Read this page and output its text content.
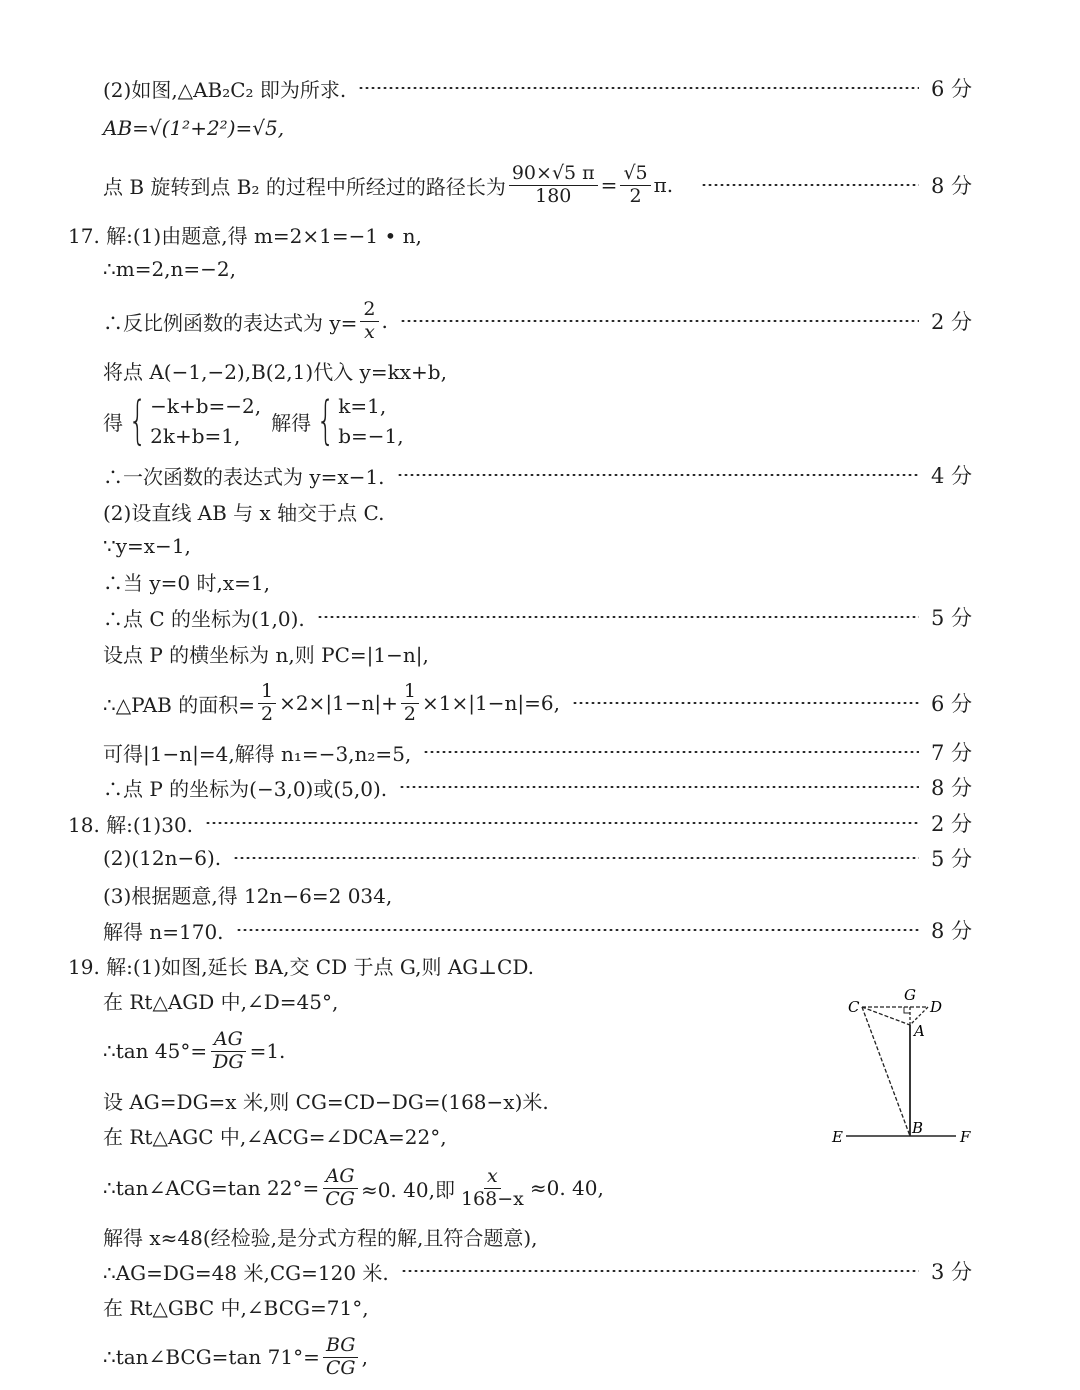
(2)如图,△AB₂C₂ 即为所求.	6 分
AB=√(1²+2²)=√5,
点 B 旋转到点 B₂ 的过程中所经过的路径长为 $\frac{90\times√5 \pi}{180} = \frac{√5}{2} \pi$.	8 分
17. 解:(1)由题意,得 m=2×1=−1 • n,
∴m=2,n=−2,
∴反比例函数的表达式为 $y= \frac{2}{x}$ .	2 分
将点 A(−1,−2),B(2,1)代入 y=kx+b,
得 { −k+b=−2,
2k+b=1,
解得 { k=1,
b=−1,
∴一次函数的表达式为 y=x−1.	4 分
(2)设直线 AB 与 x 轴交于点 C.
∵y=x−1,
∴当 y=0 时,x=1,
∴点 C 的坐标为(1,0).	5 分
设点 P 的横坐标为 n,则 PC=|1−n|,
∴△PAB 的面积= $\frac{1}{2} \times 2\times|1-n|+ \frac{1}{2} \times 1\times|1-n|=6$,	6 分
可得|1−n|=4,解得 n₁=−3,n₂=5,	7 分
∴点 P 的坐标为(−3,0)或(5,0).	8 分
18. 解:(1)30.	2 分
(2)(12n−6).	5 分
(3)根据题意,得 12n−6=2 034,
解得 n=170.	8 分
19. 解:(1)如图,延长 BA,交 CD 于点 G,则 AG⊥CD.
在 Rt△AGD 中,∠D=45°,
∴tan $45^\circ= \frac{AG}{DG} =1$.
设 AG=DG=x 米,则 CG=CD−DG=(168−x)米.
在 Rt△AGC 中,∠ACG=∠DCA=22°,
∴tan∠ACG=tan $22^\circ= \frac{AG}{CG} \approx 0$. 40,即 $\frac{x}{168-x} \approx 0$. 40,
解得 x≈48(经检验,是分式方程的解,且符合题意),
∴AG=DG=48 米,CG=120 米.	3 分
在 Rt△GBC 中,∠BCG=71°,
∴tan∠BCG=tan $71^\circ= \frac{BG}{CG}$ ,
C
G
D
A
B
E	F
